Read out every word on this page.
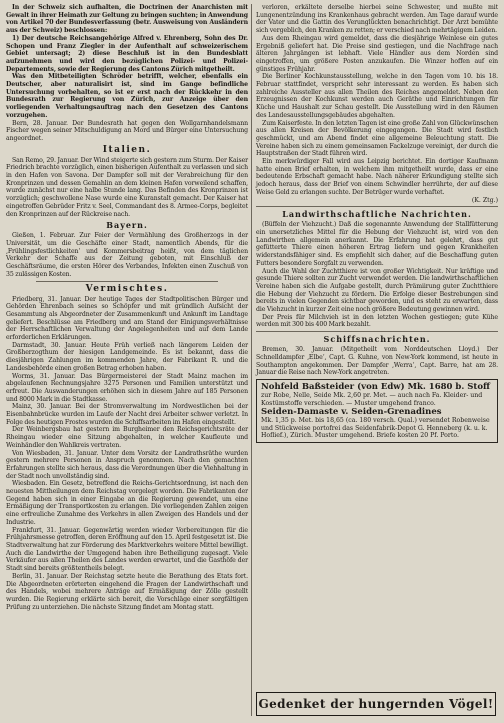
In der Schweiz sich aufhalten, die Doctrinen der Anarchisten mit Gewalt in ihrer Heimath zur Geltung zu bringen suchten; in Anwendung von Artikel 70 der Bundesverfassung (betr. Ausweisung von Ausländern aus der Schweiz) beschlossen:

1) Der deutsche Reichsangehörige Alfred v. Ehrenberg, Sohn des Dr. Schopen und Franz Ziegler in der Aufenthalt auf schweizerischem Gebiet untersagt; 2) diese Beschluß ist in den Bundesblatt aufzunehmen und wird den bezüglichen Polizei- und Polizei-Departements, sowie der Regierung des Cantons Zürich mitgetheilt.

Was den Mitbeteiligten Schröder betrifft, welcher, ebenfalls ein Deutscher, aber naturalisirt ist, sind im Gange befindliche Untersuchung vorbehalten, so ist er erst nach der Rückkehr in den Bundesrath zur Regierung von Zürich, zur Anzeige über den vorliegenden Verhaltungsauftrag nach den Gesetzen des Cantons vorzugehen.

Bern, 28. Januar. Der Bundesrath hat gegen den Wollgarnhandelsmann Fischer wegen seiner Mitschuldigung an Mord und Bürger eine Untersuchung angeordnet.

Italien.

San Remo, 29. Januar. Der Wind steigerte sich gestern zum Sturm. Der Kaiser Friedrich brachte vorzüglich, einen bisherigen Aufenthalt zu verlassen und sich in den Hafen von Savona. Der Dampfer soll mit der Verabreichung für den Kronprinzen und dessen Gemahlin an dem kleinen Hafen vorweilend schaffen, wurde zunächst nur eine halbe Stunde lang. Das Befinden des Kronprinzen ist vorzüglich; geschwollene Nase wurde eine Kuranstalt gemacht. Der Kaiser hat eingetroffen Gebrüder Fritz v. Seel, Commandant des 8. Armee-Corps, begleitet den Kronprinzen auf der Rückreise nach.

Bayern.

Gießen, 1. Februar. Zur Feier der Vermählung des Großherzogs in der Universität, um die Geschäfte einer Stadt, namentlich Abends, für die ‚Frühlingsfestlichkeiten‘ und Kommersbeitrag heißt, von dem täglichen Verkehr der Schaffe aus der Zeitung geboten, mit Einschluß der Geschäftsräume, die ersten Hörer des Verbandes, Infekten einen Zuschuß von 35 zulässigen Kosten.

Vermischtes.

Friedberg, 31. Januar. Der heutige Tages der Stadtpolitischen Bürger und Gehörden Ehrenbach seines so Schöpfer und mit gründlich Aufsicht der Gesammtung als Abgeordneter der Zusammenkunft und Ankunft im Landtage geliefert. Beschlüsse am Friedberg und am Stand der Einigungsverhältnisse der Herrschaftlichen Verwaltung der Angelegenheiten und auf dem Lande erforderlichen Erklärungen.

Darmstadt, 30. Januar. Heute Früh verließ nach längerem Leiden der Großherzogthum der hiesigen Landgemeinde. Es ist bekannt, dass die diesjährigen Zahlungen im kommenden Jahre, der Fabrikant R. und die Landesbehörde einen großen Betrag erhoben haben.

Worms, 31. Januar. Das Bürgermeisterei der Stadt Mainz machen im abgelaufenen Rechnungsjahre 3275 Personen und Familien unterstützt und erfreut. Die Auswanderungen erhöhen sich in diesem Jahre auf 185 Personen und 8000 Mark in die Stadtkasse.

Mainz, 30. Januar. Bei der Stromverwaltung im Nordwestlichen bei der Eisenbahnbrücke wurden im Laufe der Nacht drei Arbeiter schwer verletzt. In Folge des heutigen Frostes wurden die Schiffsarbeiten im Hafen eingestellt.

Der Weinbergsbau hat gestern im Burgheimer den Reichsgerichtsräte der Rheingau wieder eine Sitzung abgehalten, in welcher Kaufleute und Weinhändler den Wahlkreis vertraten.

Von Wiesbaden, 31. Januar. Unter dem Vorsitz der Landrathsräthe wurden gestern mehrere Personen in Anspruch genommen. Nach den gemachten Erfahrungen stellte sich heraus, dass die Verordnungen über die Viehhaltung in der Stadt noch unvollständig sind.

Wiesbaden. Ein Gesetz, betreffend die Reichs-Gerichtsordnung, ist nach den neuesten Mittheilungen dem Reichstag vorgelegt worden. Die Fabrikanten der Gegend haben sich in einer Eingabe an die Regierung gewendet, um eine Ermäßigung der Transportkosten zu erlangen. Die vorliegenden Zahlen zeigen eine erfreuliche Zunahme des Verkehrs in allen Zweigen des Handels und der Industrie.

Frankfurt, 31. Januar. Gegenwärtig werden wieder Vorbereitungen für die Frühjahrsmesse getroffen, deren Eröffnung auf den 15. April festgesetzt ist. Die Stadtverwaltung hat zur Förderung des Marktverkehrs weitere Mittel bewilligt. Auch die Landwirthe der Umgegend haben ihre Betheiligung zugesagt. Viele Verkäufer aus allen Theilen des Landes werden erwartet, und die Gasthöfe der Stadt sind bereits größtentheils belegt.

Berlin, 31. Januar. Der Reichstag setzte heute die Berathung des Etats fort. Die Abgeordneten erörterten eingehend die Fragen der Landwirthschaft und des Handels, wobei mehrere Anträge auf Ermäßigung der Zölle gestellt wurden. Die Regierung erklärte sich bereit, die Vorschläge einer sorgfältigen Prüfung zu unterziehen. Die nächste Sitzung findet am Montag statt.

verloren, erkältete derselbe hierbei seine Schwester, und mußte mit Lungenentzündung ins Krankenhaus gebracht werden. Am Tage darauf wurde der Vater und die Gattin des Verunglückten benachrichtigt. Der Arzt bemühte sich vergeblich, den Kranken zu retten; er verschied nach mehrtägigem Leiden.

Aus dem Rheingau wird gemeldet, dass die diesjährige Weinlese ein gutes Ergebniß geliefert hat. Die Preise sind gestiegen, und die Nachfrage nach älteren Jahrgängen ist lebhaft. Viele Händler aus dem Norden sind eingetroffen, um größere Posten anzukaufen. Die Winzer hoffen auf ein günstiges Frühjahr.

Die Berliner Kochkunstausstellung, welche in den Tagen vom 10. bis 18. Februar stattfindet, verspricht sehr interessant zu werden. Es haben sich zahlreiche Aussteller aus allen Theilen des Reiches angemeldet. Neben den Erzeugnissen der Kochkunst werden auch Geräthe und Einrichtungen für Küche und Haushalt zur Schau gestellt. Die Ausstellung wird in den Räumen des Landesausstellungsgebäudes abgehalten.

Zum Kaiserfeste. In den letzten Tagen ist eine große Zahl von Glückwünschen aus allen Kreisen der Bevölkerung eingegangen. Die Stadt wird festlich geschmückt, und am Abend findet eine allgemeine Beleuchtung statt. Die Vereine haben sich zu einem gemeinsamen Fackelzuge vereinigt, der durch die Hauptstraßen der Stadt führen wird.

Ein merkwürdiger Fall wird aus Leipzig berichtet. Ein dortiger Kaufmann hatte einen Brief erhalten, in welchem ihm mitgetheilt wurde, dass er eine bedeutende Erbschaft gemacht habe. Nach näherer Erkundigung stellte sich jedoch heraus, dass der Brief von einem Schwindler herrührte, der auf diese Weise Geld zu erlangen suchte. Der Betrüger wurde verhaftet.

(K. Ztg.)

Landwirthschaftliche Nachrichten.

(Büffeln der Viehzucht.) Daß die sogenannte Anwendung der Stallfütterung ein unersetzliches Mittel für die Hebung der Viehzucht ist, wird von den Landwirthen allgemein anerkannt. Die Erfahrung hat gelehrt, dass gut gefütterte Thiere einen höheren Ertrag liefern und gegen Krankheiten widerstandsfähiger sind. Es empfiehlt sich daher, auf die Beschaffung guten Futters besondere Sorgfalt zu verwenden.

Auch die Wahl der Zuchtthiere ist von großer Wichtigkeit. Nur kräftige und gesunde Thiere sollten zur Zucht verwendet werden. Die landwirthschaftlichen Vereine haben sich die Aufgabe gestellt, durch Prämiirung guter Zuchtthiere die Hebung der Viehzucht zu fördern. Die Erfolge dieser Bestrebungen sind bereits in vielen Gegenden sichtbar geworden, und es steht zu erwarten, dass die Viehzucht in kurzer Zeit eine noch größere Bedeutung gewinnen wird.

Der Preis für Milchvieh ist in den letzten Wochen gestiegen; gute Kühe werden mit 300 bis 400 Mark bezahlt.

Schiffsnachrichten.

Bremen, 30. Januar. (Mitgetheilt vom Norddeutschen Lloyd.) Der Schnelldampfer ‚Elbe‘, Capt. G. Kuhne, von New-York kommend, ist heute in Southampton angekommen. Der Dampfer ‚Werra‘, Capt. Barre, hat am 28. Januar die Reise nach New-York angetreten.

Nohfeld Baßsteider (von Edw) Mk. 1680 b. Stoff

zur Robe, Nelle, Seide Mk. 2,60 pr. Met. — auch nach Fa. Kleider- und Kostümstoffe verschieden. — Muster umgehend franco.

Seiden-Damaste v. Seiden-Grenadines

Mk. 1,35 p. Met. bis 18,65 (ca. 180 versch. Qual.) versendet Robenweise und Stückweise portofrei das Seidenfabrik-Depot G. Henneberg (k. u. k. Hoflief.), Zürich. Muster umgehend. Briefe kosten 20 Pf. Porto.

Gedenket der hungernden Vögel!
